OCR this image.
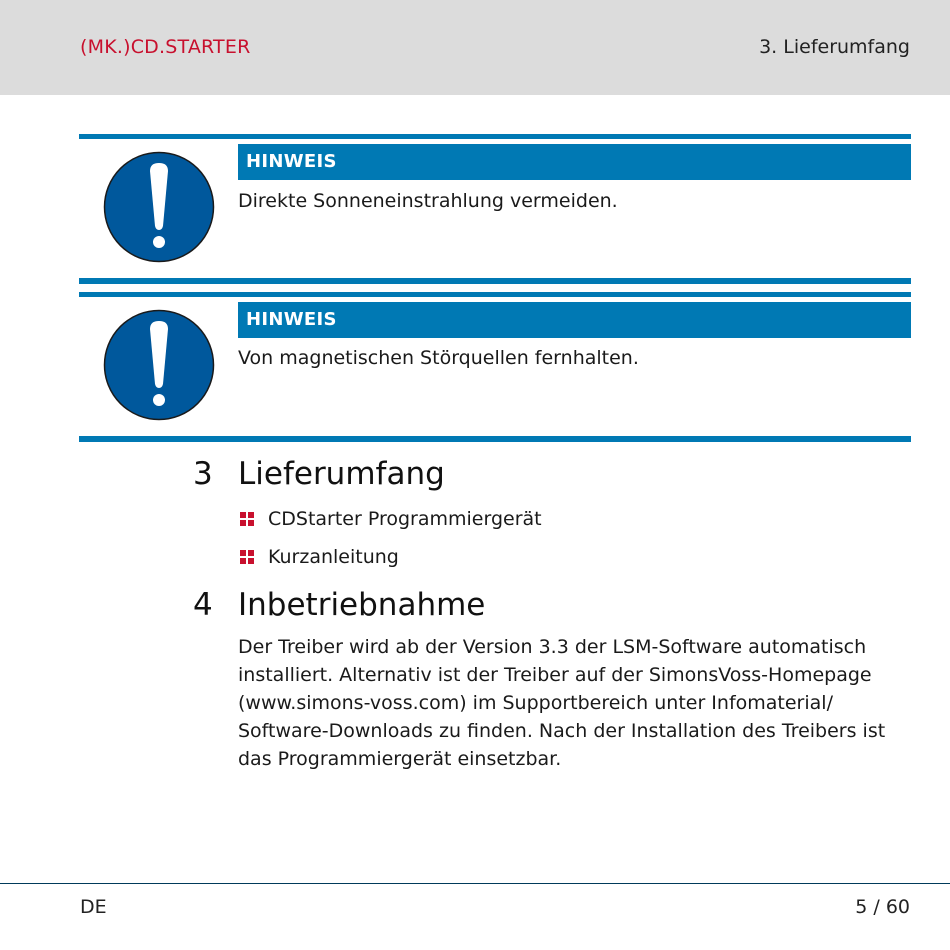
(MK.)CD.STARTER	3. Lieferumfang
HINWEIS
Direkte Sonneneinstrahlung vermeiden.
HINWEIS
Von magnetischen Störquellen fernhalten.
3 Lieferumfang
CDStarter Programmiergerät
Kurzanleitung
4 Inbetriebnahme
Der Treiber wird ab der Version 3.3 der LSM-Software automatisch
installiert. Alternativ ist der Treiber auf der SimonsVoss-Homepage
(www.simons-voss.com) im Supportbereich unter Infomaterial/
Software-Downloads zu finden. Nach der Installation des Treibers ist
das Programmiergerät einsetzbar.
DE	5 / 60
